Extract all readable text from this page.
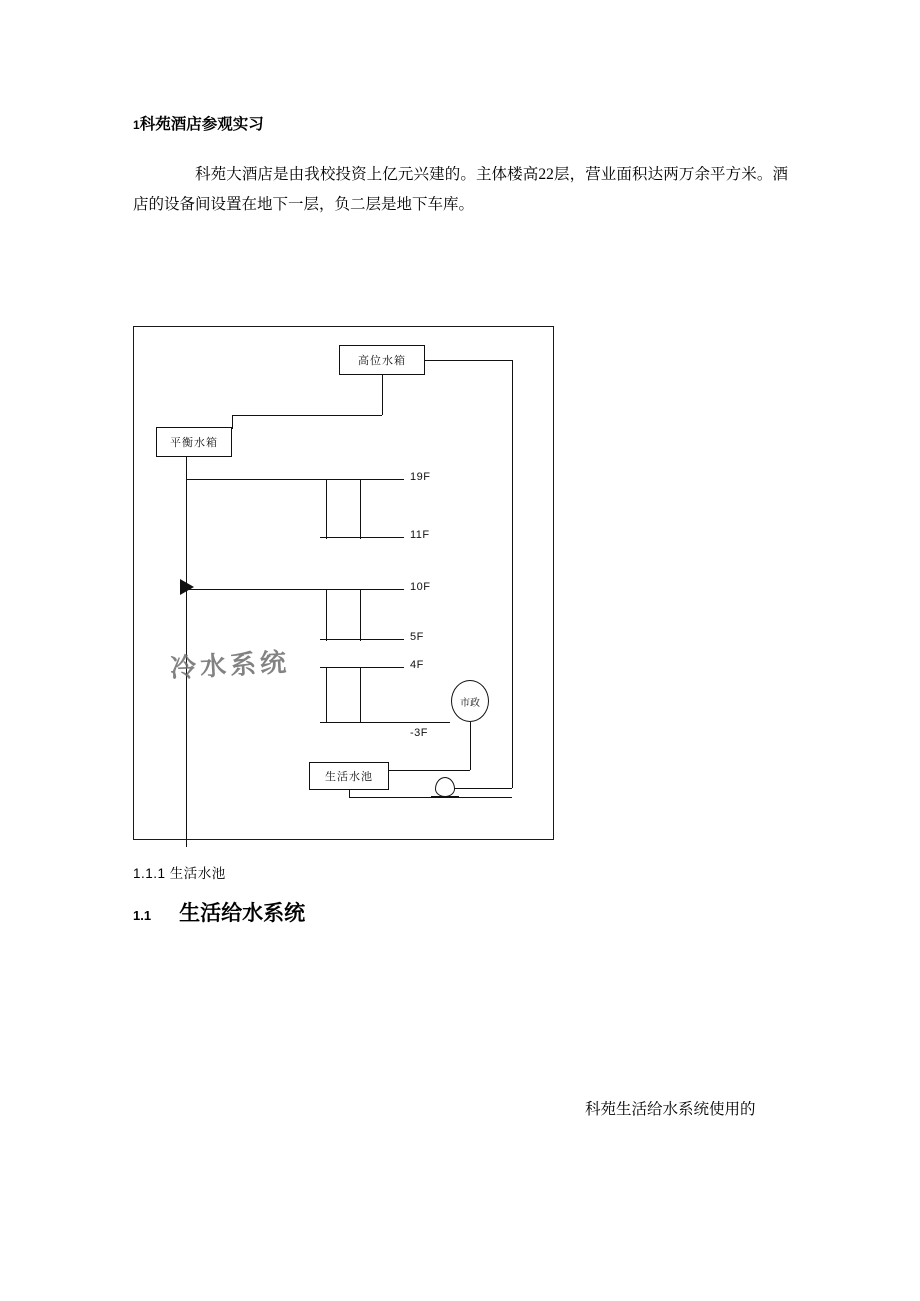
1科苑酒店参观实习
科苑大酒店是由我校投资上亿元兴建的。主体楼高22层，营业面积达两万余平方米。酒店的设备间设置在地下一层，负二层是地下车库。
高位水箱
平衡水箱
生活水池
市政
19F
11F
10F
5F
4F
-3F
冷水系统
1.1.1 生活水池
1.1 生活给水系统
科苑生活给水系统使用的
